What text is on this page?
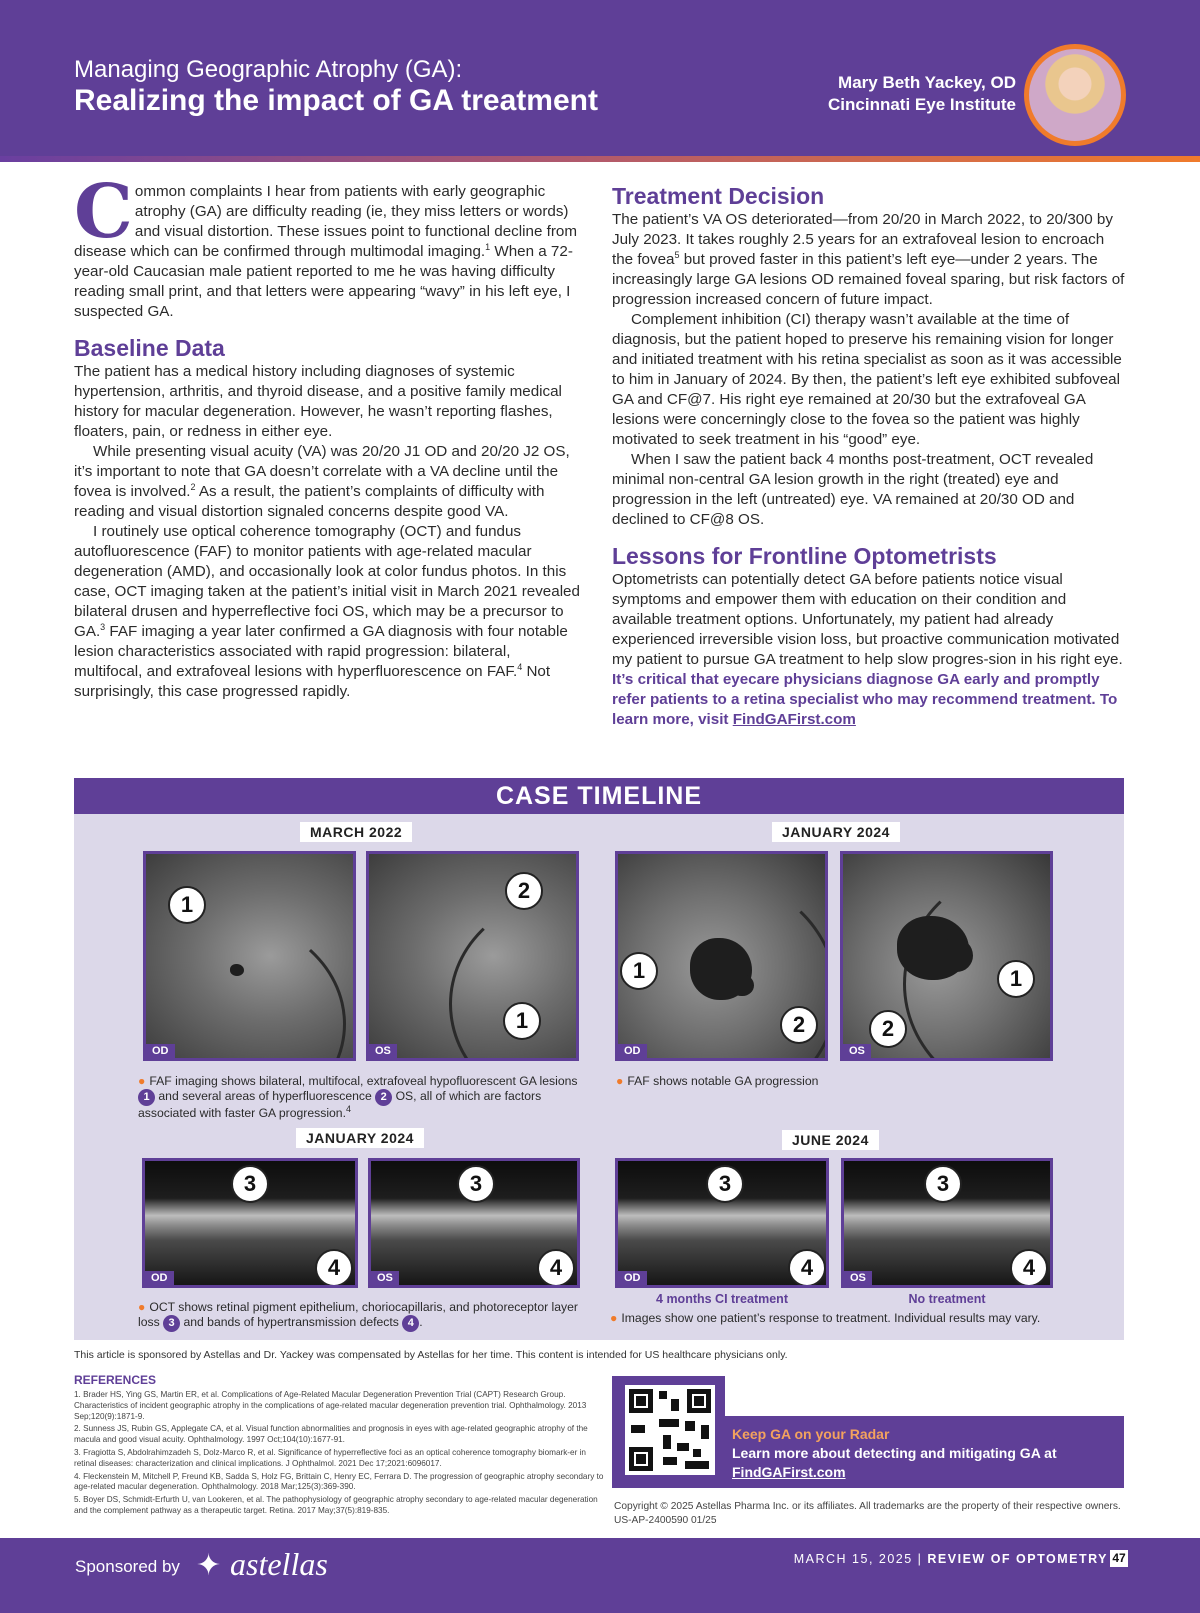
Managing Geographic Atrophy (GA):
Realizing the impact of GA treatment
Mary Beth Yackey, OD
Cincinnati Eye Institute

Common complaints I hear from patients with early geographic atrophy (GA) are difficulty reading (ie, they miss letters or words) and visual distortion. These issues point to functional decline from disease which can be confirmed through multimodal imaging.$^1$ When a 72-year-old Caucasian male patient reported to me he was having difficulty reading small print, and that letters were appearing “wavy” in his left eye, I suspected GA.

Baseline Data

The patient has a medical history including diagnoses of systemic hypertension, arthritis, and thyroid disease, and a positive family medical history for macular degeneration. However, he wasn’t reporting flashes, floaters, pain, or redness in either eye.

While presenting visual acuity (VA) was 20/20 J1 OD and 20/20 J2 OS, it’s important to note that GA doesn’t correlate with a VA decline until the fovea is involved.$^2$ As a result, the patient’s complaints of difficulty with reading and visual distortion signaled concerns despite good VA.

I routinely use optical coherence tomography (OCT) and fundus autofluorescence (FAF) to monitor patients with age-related macular degeneration (AMD), and occasionally look at color fundus photos. In this case, OCT imaging taken at the patient’s initial visit in March 2021 revealed bilateral drusen and hyperreflective foci OS, which may be a precursor to GA.$^3$ FAF imaging a year later confirmed a GA diagnosis with four notable lesion characteristics associated with rapid progression: bilateral, multifocal, and extrafoveal lesions with hyperfluorescence on FAF.$^4$ Not surprisingly, this case progressed rapidly.

Treatment Decision

The patient’s VA OS deteriorated—from 20/20 in March 2022, to 20/300 by July 2023. It takes roughly 2.5 years for an extrafoveal lesion to encroach the fovea$^5$ but proved faster in this patient’s left eye—under 2 years. The increasingly large GA lesions OD remained foveal sparing, but risk factors of progression increased concern of future impact.

Complement inhibition (CI) therapy wasn’t available at the time of diagnosis, but the patient hoped to preserve his remaining vision for longer and initiated treatment with his retina specialist as soon as it was accessible to him in January of 2024. By then, the patient’s left eye exhibited subfoveal GA and CF@7. His right eye remained at 20/30 but the extrafoveal GA lesions were concerningly close to the fovea so the patient was highly motivated to seek treatment in his “good” eye.

When I saw the patient back 4 months post-treatment, OCT revealed minimal non-central GA lesion growth in the right (treated) eye and progression in the left (untreated) eye. VA remained at 20/30 OD and declined to CF@8 OS.

Lessons for Frontline Optometrists

Optometrists can potentially detect GA before patients notice visual symptoms and empower them with education on their condition and available treatment options. Unfortunately, my patient had already experienced irreversible vision loss, but proactive communication motivated my patient to pursue GA treatment to help slow progres-sion in his right eye. It’s critical that eyecare physicians diagnose GA early and promptly refer patients to a retina specialist who may recommend treatment. To learn more, visit FindGAFirst.com

CASE TIMELINE
MARCH 2022
1
OD
2
1
OS
● FAF imaging shows bilateral, multifocal, extrafoveal hypofluorescent GA lesions 1 and several areas of hyperfluorescence 2 OS, all of which are factors associated with faster GA progression.$^4$
JANUARY 2024
1
2
OD
1
2
OS
● FAF shows notable GA progression
JANUARY 2024
3
4
OD
3
4
OS
● OCT shows retinal pigment epithelium, choriocapillaris, and photoreceptor layer loss 3 and bands of hypertransmission defects 4 .
JUNE 2024
3
4
OD
3
4
OS
4 months CI treatment	No treatment
● Images show one patient’s response to treatment. Individual results may vary.
This article is sponsored by Astellas and Dr. Yackey was compensated by Astellas for her time. This content is intended for US healthcare physicians only.
REFERENCES

1. Brader HS, Ying GS, Martin ER, et al. Complications of Age-Related Macular Degeneration Prevention Trial (CAPT) Research Group. Characteristics of incident geographic atrophy in the complications of age-related macular degeneration prevention trial. Ophthalmology. 2013 Sep;120(9):1871-9.

2. Sunness JS, Rubin GS, Applegate CA, et al. Visual function abnormalities and prognosis in eyes with age-related geographic atrophy of the macula and good visual acuity. Ophthalmology. 1997 Oct;104(10):1677-91.

3. Fragiotta S, Abdolrahimzadeh S, Dolz-Marco R, et al. Significance of hyperreflective foci as an optical coherence tomography biomark-er in retinal diseases: characterization and clinical implications. J Ophthalmol. 2021 Dec 17;2021:6096017.

4. Fleckenstein M, Mitchell P, Freund KB, Sadda S, Holz FG, Brittain C, Henry EC, Ferrara D. The progression of geographic atrophy secondary to age-related macular degeneration. Ophthalmology. 2018 Mar;125(3):369-390.

5. Boyer DS, Schmidt-Erfurth U, van Lookeren, et al. The pathophysiology of geographic atrophy secondary to age-related macular degeneration and the complement pathway as a therapeutic target. Retina. 2017 May;37(5):819-835.

Keep GA on your Radar
Learn more about detecting and mitigating GA at
FindGAFirst.com
Copyright © 2025 Astellas Pharma Inc. or its affiliates. All trademarks are the property of their respective owners. US-AP-2400590 01/25
Sponsored by ✦ astellas	MARCH 15, 2025 | REVIEW OF OPTOMETRY 47
